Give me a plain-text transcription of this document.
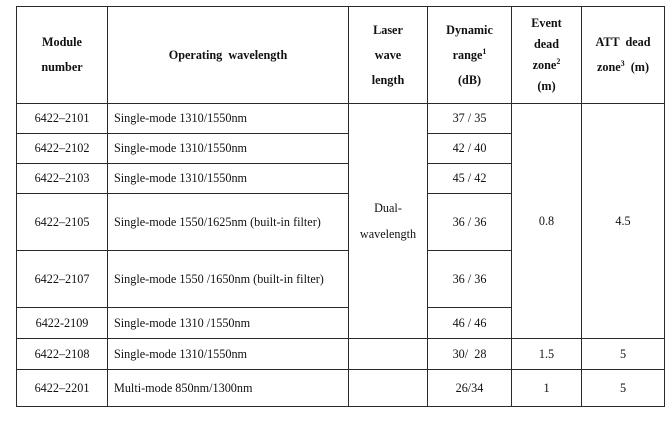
Module
number	Operating  wavelength	Laser
wave
length	Dynamic
range$^1$
(dB)	Event
dead
zone$^2$
(m)	ATT  dead
zone$^3$  (m)

6422–2101	Single-mode 1310/1550nm	Dual-
wavelength	37 / 35	0.8	4.5
6422–2102	Single-mode 1310/1550nm		42 / 40		
6422–2103	Single-mode 1310/1550nm		45 / 42		
6422–2105	Single-mode 1550/1625nm (built-in filter)		36 / 36		
6422–2107	Single-mode 1550 /1650nm (built-in filter)		36 / 36		
6422-2109	Single-mode 1310 /1550nm		46 / 46		
6422–2108	Single-mode 1310/1550nm		30/  28	1.5	5
6422–2201	Multi-mode 850nm/1300nm		26/34	1	5
